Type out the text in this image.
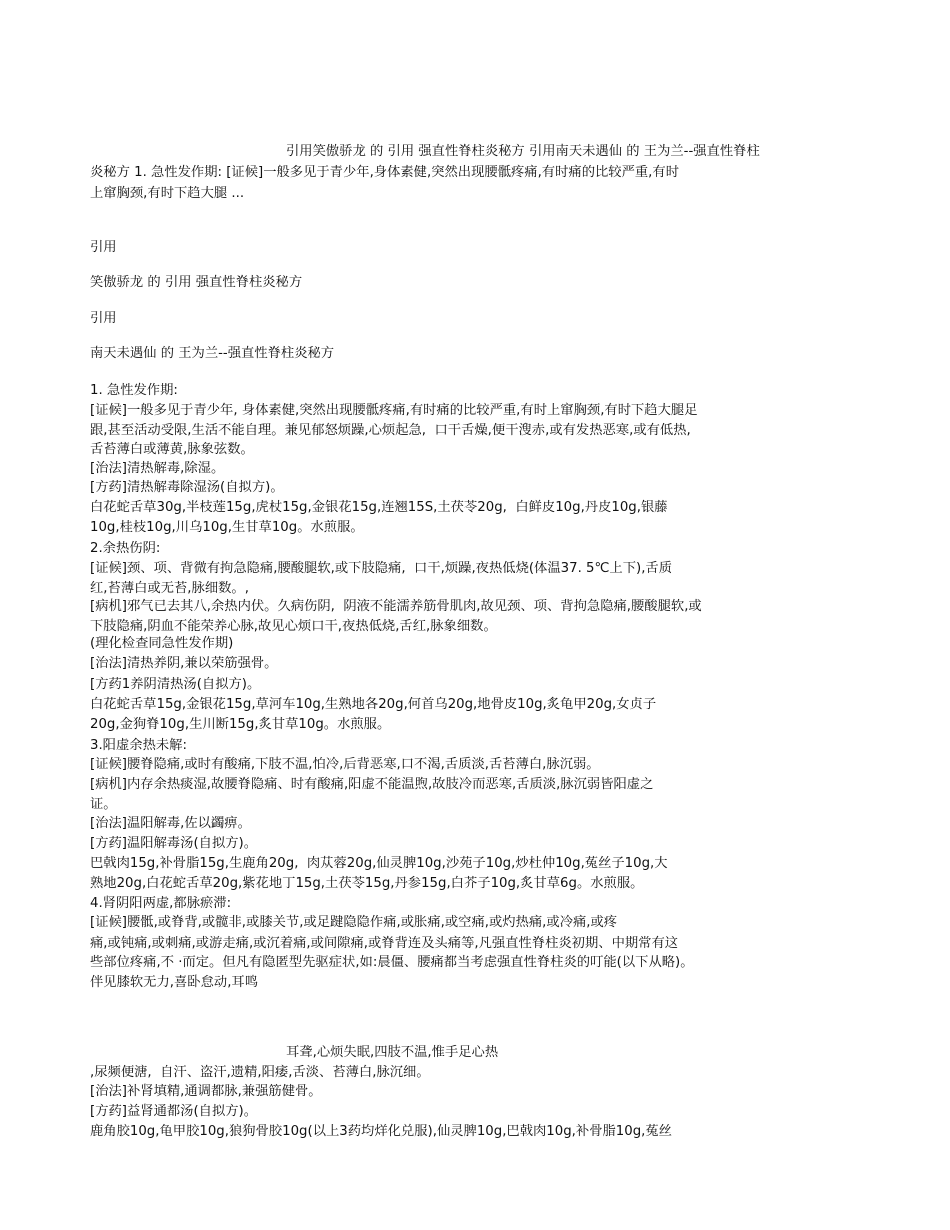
引用笑傲骄龙 的 引用 强直性脊柱炎秘方 引用南天未遇仙 的 王为兰--强直性脊柱
炎秘方 1. 急性发作期: [证候]一般多见于青少年,身体素健,突然出现腰骶疼痛,有时痛的比较严重,有时
上窜胸颈,有时下趋大腿 ...
引用
笑傲骄龙 的 引用 强直性脊柱炎秘方
引用
南天未遇仙 的 王为兰--强直性脊柱炎秘方
1. 急性发作期:
[证候]一般多见于青少年, 身体素健,突然出现腰骶疼痛,有时痛的比较严重,有时上窜胸颈,有时下趋大腿足
跟,甚至活动受限,生活不能自理。兼见郁怒烦躁,心烦起急,  口干舌燥,便干溲赤,或有发热恶寒,或有低热,
舌苔薄白或薄黄,脉象弦数。
[治法]清热解毒,除湿。
[方药]清热解毒除湿汤(自拟方)。
白花蛇舌草30g,半枝莲15g,虎杖15g,金银花15g,连翘15S,土茯苓20g,  白鲜皮10g,丹皮10g,银藤
10g,桂枝10g,川乌10g,生甘草10g。水煎服。
2.余热伤阴:
[证候]颈、项、背微有拘急隐痛,腰酸腿软,或下肢隐痛,  口干,烦躁,夜热低烧(体温37. 5℃上下),舌质
红,苔薄白或无苔,脉细数。,
[病机]邪气已去其八,余热内伏。久病伤阴,  阴液不能濡养筋骨肌肉,故见颈、项、背拘急隐痛,腰酸腿软,或
下肢隐痛,阴血不能荣养心脉,故见心烦口干,夜热低烧,舌红,脉象细数。
(理化检查同急性发作期)
[治法]清热养阴,兼以荣筋强骨。
[方药1养阴清热汤(自拟方)。
白花蛇舌草15g,金银花15g,草河车10g,生熟地各20g,何首乌20g,地骨皮10g,炙龟甲20g,女贞子
20g,金狗脊10g,生川断15g,炙甘草10g。水煎服。
3.阳虚余热未解:
[证候]腰脊隐痛,或时有酸痛,下肢不温,怕冷,后背恶寒,口不渴,舌质淡,舌苔薄白,脉沉弱。
[病机]内存余热痰湿,故腰脊隐痛、时有酸痛,阳虚不能温煦,故肢冷而恶寒,舌质淡,脉沉弱皆阳虚之
证。
[治法]温阳解毒,佐以蠲痹。
[方药]温阳解毒汤(自拟方)。
巴戟肉15g,补骨脂15g,生鹿角20g,  肉苁蓉20g,仙灵脾10g,沙苑子10g,炒杜仲10g,菟丝子10g,大
熟地20g,白花蛇舌草20g,紫花地丁15g,土茯苓15g,丹参15g,白芥子10g,炙甘草6g。水煎服。
4.肾阴阳两虚,都脉瘀滞:
[证候]腰骶,或脊背,或髋非,或膝关节,或足踺隐隐作痛,或胀痛,或空痛,或灼热痛,或冷痛,或疼
痛,或钝痛,或刺痛,或游走痛,或沉着痛,或间隙痛,或脊背连及头痛等,凡强直性脊柱炎初期、中期常有这
些部位疼痛,不 ·而定。但凡有隐匿型先驱症状,如:晨僵、腰痛都当考虑强直性脊柱炎的叮能(以下从略)。
伴见膝软无力,喜卧怠动,耳鸣
耳聋,心烦失眠,四肢不温,惟手足心热
,尿频便溏,  自汗、盗汗,遗精,阳痿,舌淡、苔薄白,脉沉细。
[治法]补肾填精,通调都脉,兼强筋健骨。
[方药]益肾通都汤(自拟方)。
鹿角胶10g,龟甲胶10g,狼狗骨胶10g(以上3药均烊化兑服),仙灵脾10g,巴戟肉10g,补骨脂10g,菟丝
